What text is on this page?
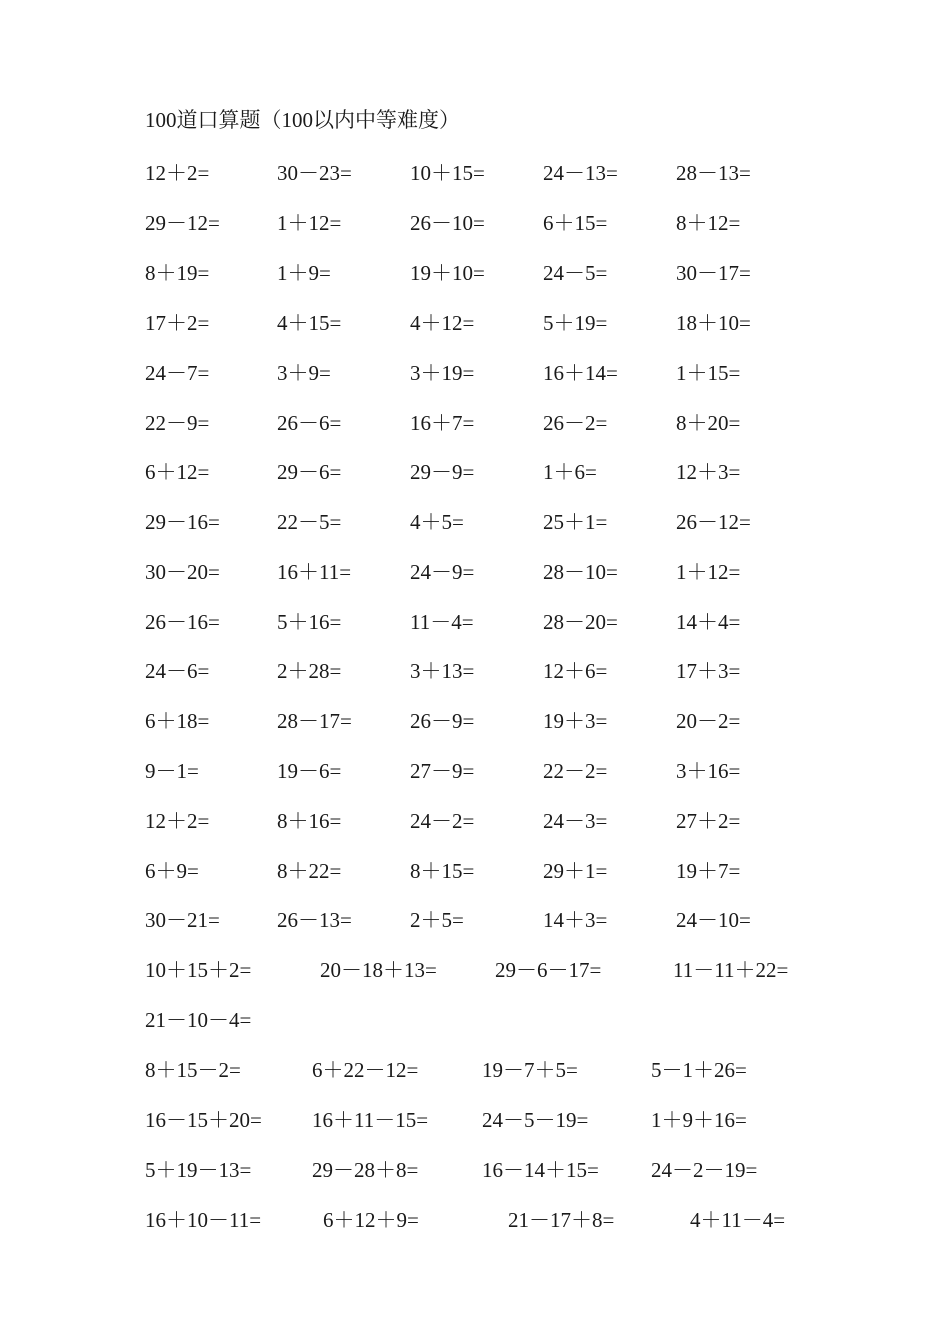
100道口算题（100以内中等难度）
12＋2=	30－23=	10＋15=	24－13=	28－13=
29－12=	1＋12=	26－10=	6＋15=	8＋12=
8＋19=	1＋9=	19＋10=	24－5=	30－17=
17＋2=	4＋15=	4＋12=	5＋19=	18＋10=
24－7=	3＋9=	3＋19=	16＋14=	1＋15=
22－9=	26－6=	16＋7=	26－2=	8＋20=
6＋12=	29－6=	29－9=	1＋6=	12＋3=
29－16=	22－5=	4＋5=	25＋1=	26－12=
30－20=	16＋11=	24－9=	28－10=	1＋12=
26－16=	5＋16=	11－4=	28－20=	14＋4=
24－6=	2＋28=	3＋13=	12＋6=	17＋3=
6＋18=	28－17=	26－9=	19＋3=	20－2=
9－1=	19－6=	27－9=	22－2=	3＋16=
12＋2=	8＋16=	24－2=	24－3=	27＋2=
6＋9=	8＋22=	8＋15=	29＋1=	19＋7=
30－21=	26－13=	2＋5=	14＋3=	24－10=
10＋15＋2=	20－18＋13=	29－6－17=	11－11＋22=
21－10－4=
8＋15－2=	6＋22－12=	19－7＋5=	5－1＋26=
16－15＋20= 16＋11－15=	24－5－19=	1＋9＋16=
5＋19－13=	29－28＋8=	16－14＋15= 24－2－19=
16＋10－11=	6＋12＋9=	21－17＋8=	4＋11－4=
